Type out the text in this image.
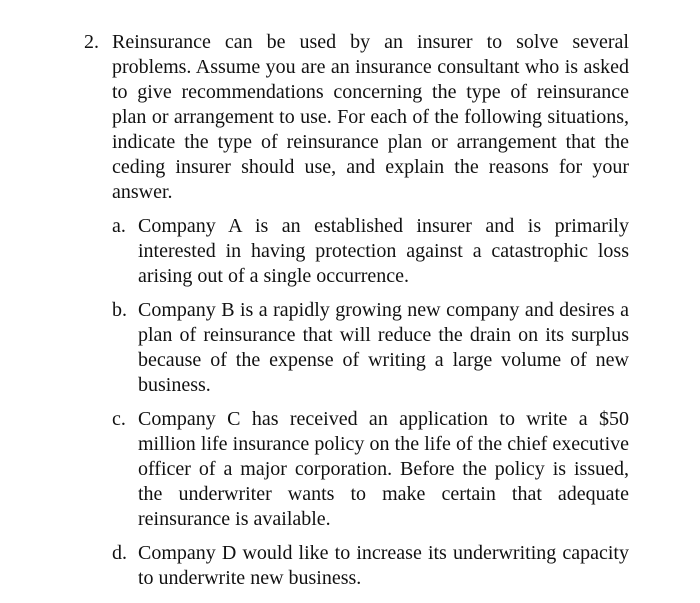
2. Reinsurance can be used by an insurer to solve several problems. Assume you are an insurance consultant who is asked to give recommendations concerning the type of reinsurance plan or arrangement to use. For each of the following situations, indicate the type of reinsurance plan or arrangement that the ceding insurer should use, and explain the reasons for your answer.
a. Company A is an established insurer and is primarily interested in having protection against a catastrophic loss arising out of a single occurrence.
b. Company B is a rapidly growing new company and desires a plan of reinsurance that will reduce the drain on its surplus because of the expense of writing a large volume of new business.
c. Company C has received an application to write a $50 million life insurance policy on the life of the chief executive officer of a major corporation. Before the policy is issued, the underwriter wants to make certain that adequate reinsurance is available.
d. Company D would like to increase its underwriting capacity to underwrite new business.
